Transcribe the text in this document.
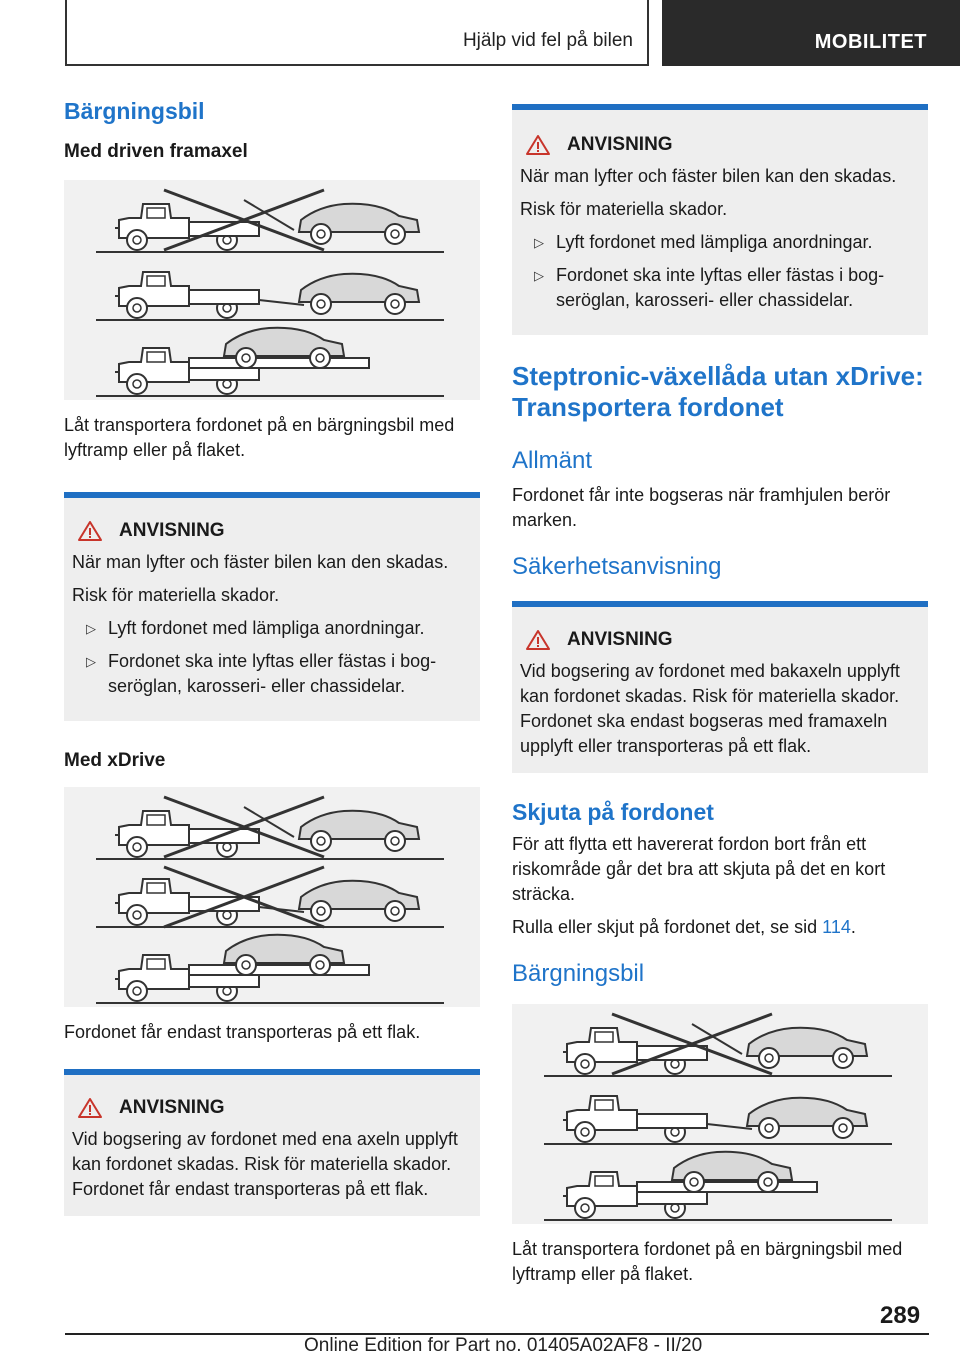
Hjälp vid fel på bilen	MOBILITET
Bärgningsbil
Med driven framaxel

Låt transportera fordonet på en bärgningsbil med lyftramp eller på flaket.

ANVISNING

När man lyfter och fäster bilen kan den skadas.

Risk för materiella skador.

▷ Lyft fordonet med lämpliga anordningar.
▷ Fordonet ska inte lyftas eller fästas i bogseröglan, karosseri- eller chassidelar.
Med xDrive

Fordonet får endast transporteras på ett flak.

ANVISNING

Vid bogsering av fordonet med ena axeln upplyft kan fordonet skadas. Risk för materiella skador. Fordonet får endast transporteras på ett flak.

ANVISNING

När man lyfter och fäster bilen kan den skadas.

Risk för materiella skador.

▷ Lyft fordonet med lämpliga anordningar.
▷ Fordonet ska inte lyftas eller fästas i bogseröglan, karosseri- eller chassidelar.
Steptronic-växellåda utan xDrive: Transportera fordonet
Allmänt

Fordonet får inte bogseras när framhjulen berör marken.

Säkerhetsanvisning
ANVISNING

Vid bogsering av fordonet med bakaxeln upplyft kan fordonet skadas. Risk för materiella skador. Fordonet ska endast bogseras med framaxeln upplyft eller transporteras på ett flak.

Skjuta på fordonet

För att flytta ett havererat fordon bort från ett riskområde går det bra att skjuta på det en kort sträcka.

Rulla eller skjut på fordonet det, se sid 114.

Bärgningsbil

Låt transportera fordonet på en bärgningsbil med lyftramp eller på flaket.

289
Online Edition for Part no. 01405A02AF8 - II/20
